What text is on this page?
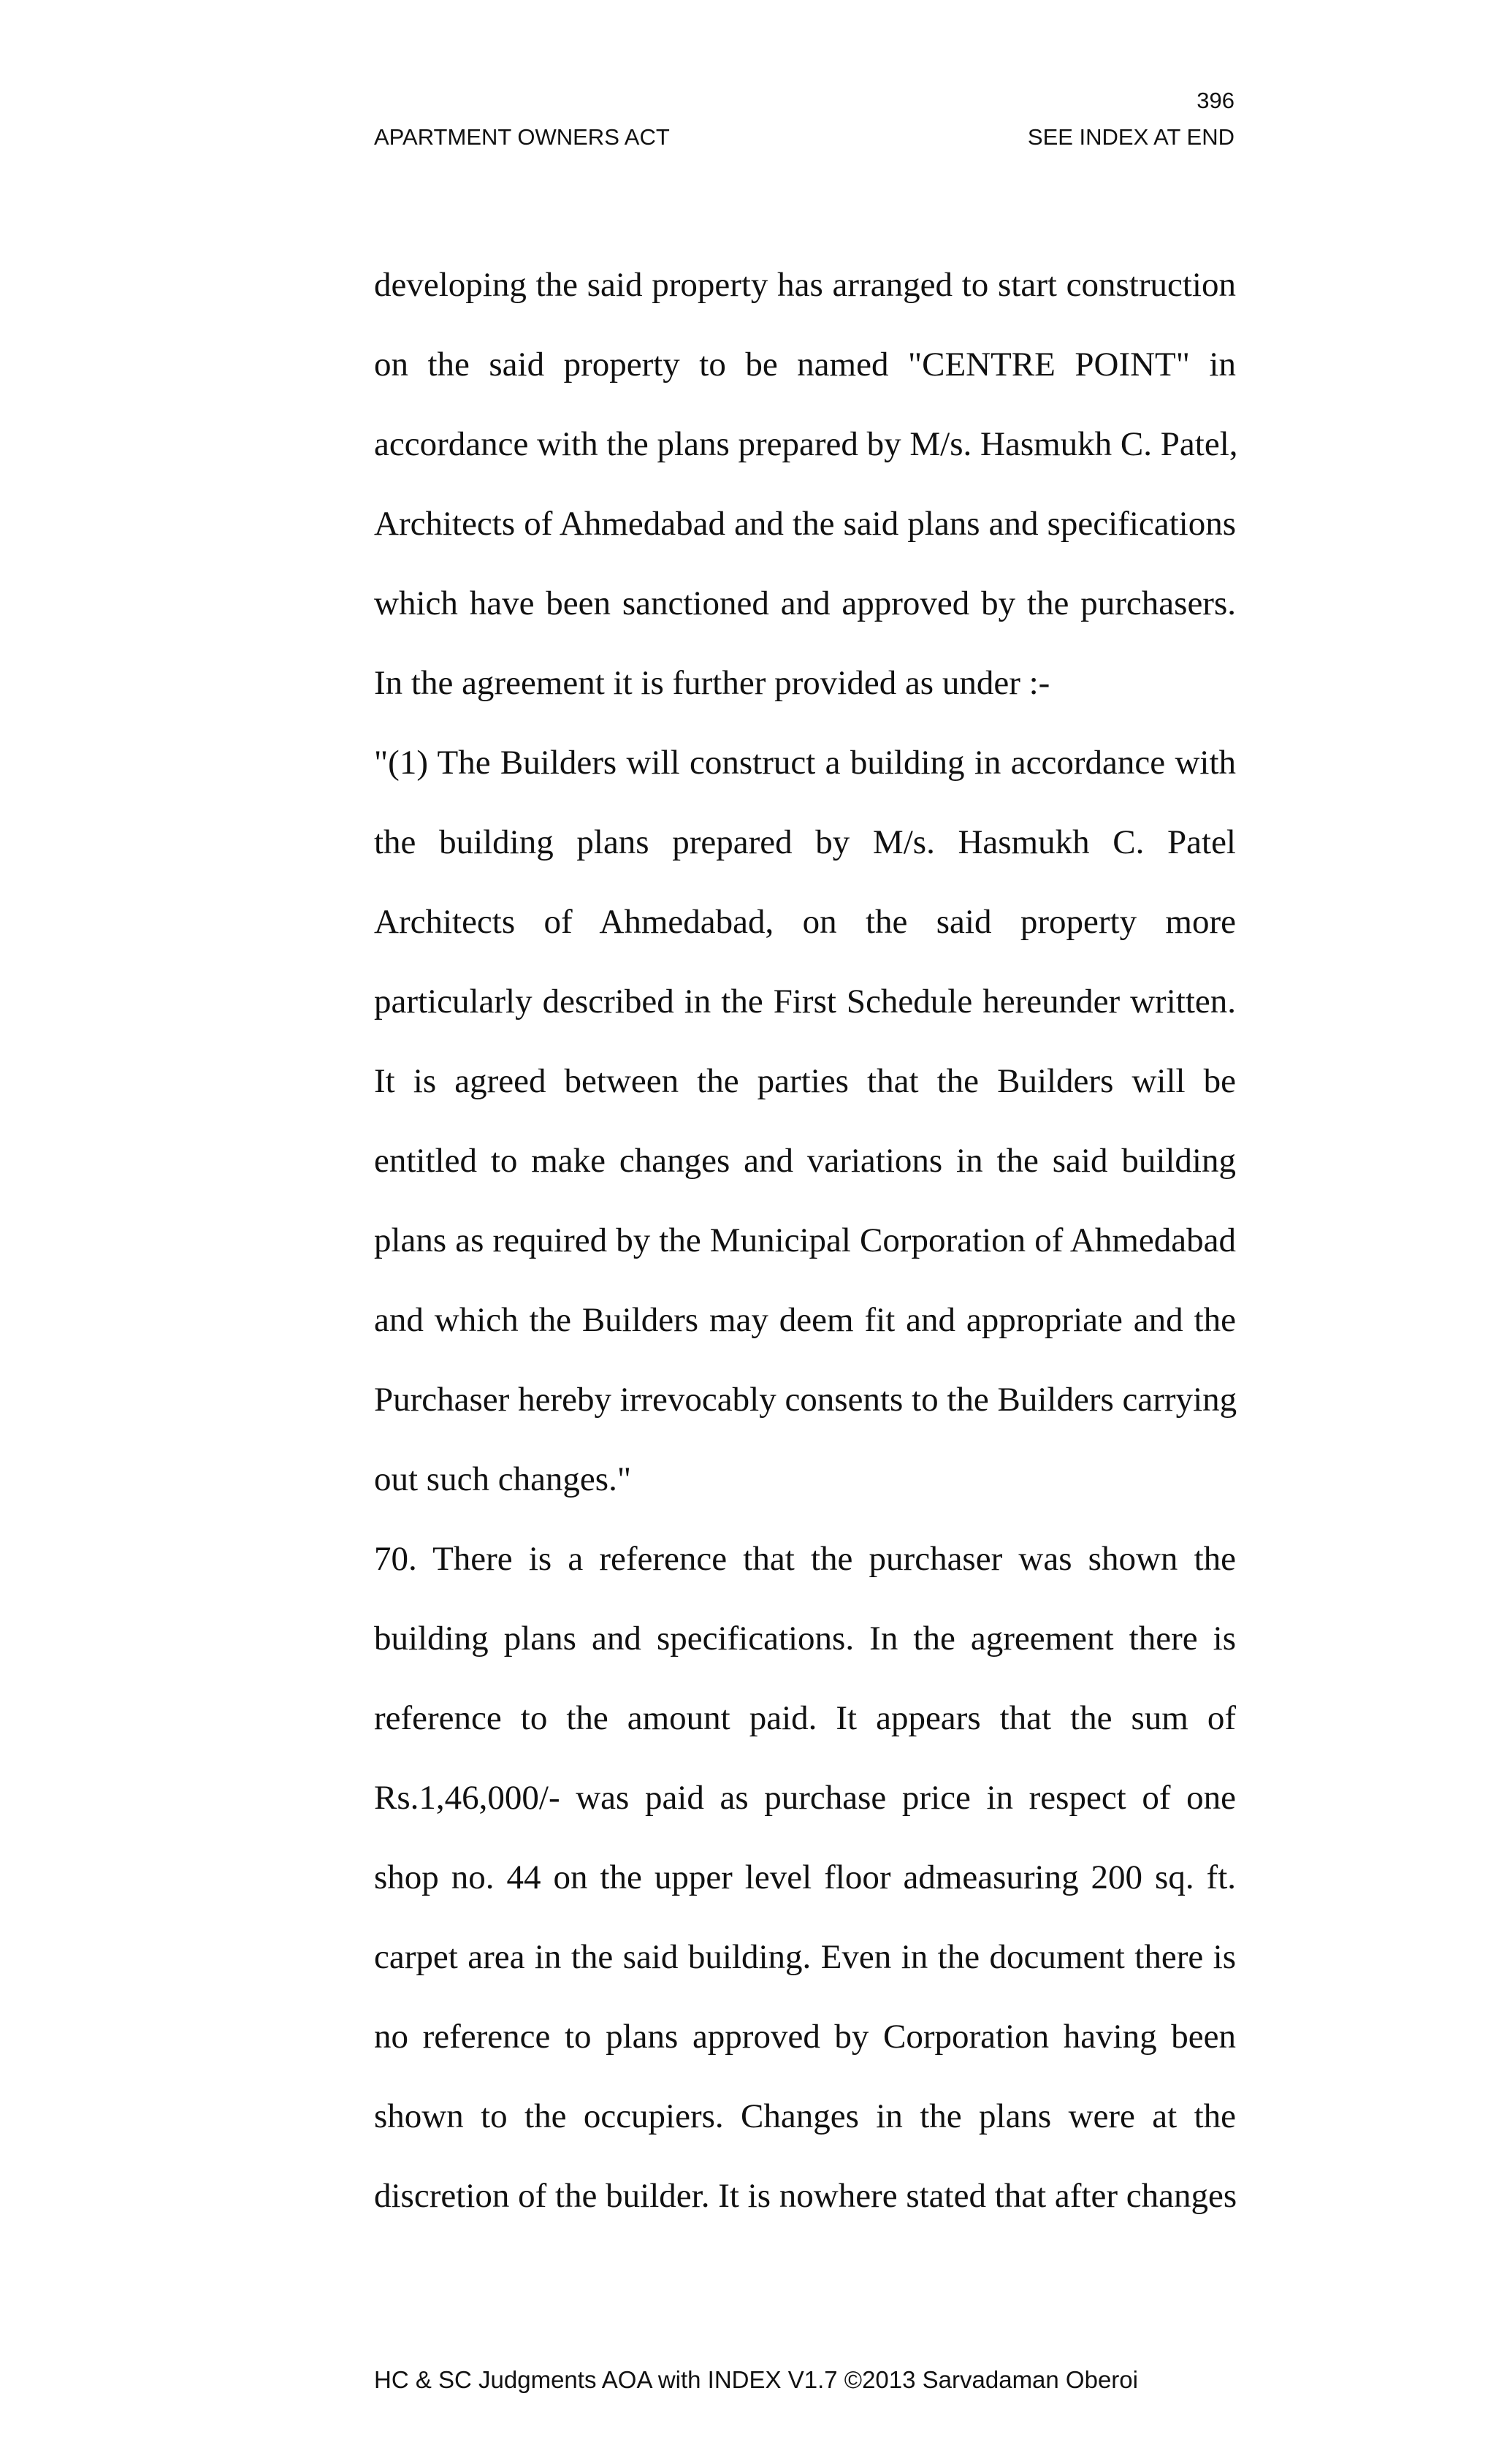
396
APARTMENT OWNERS ACT	SEE INDEX AT END
developing the said property has arranged to start construction
on the said property to be named "CENTRE POINT" in
accordance with the plans prepared by M/s. Hasmukh C. Patel,
Architects of Ahmedabad and the said plans and specifications
which have been sanctioned and approved by the purchasers.
In the agreement it is further provided as under :-
"(1) The Builders will construct a building in accordance with
the building plans prepared by M/s. Hasmukh C. Patel
Architects of Ahmedabad, on the said property more
particularly described in the First Schedule hereunder written.
It is agreed between the parties that the Builders will be
entitled to make changes and variations in the said building
plans as required by the Municipal Corporation of Ahmedabad
and which the Builders may deem fit and appropriate and the
Purchaser hereby irrevocably consents to the Builders carrying
out such changes."
70. There is a reference that the purchaser was shown the
building plans and specifications. In the agreement there is
reference to the amount paid. It appears that the sum of
Rs.1,46,000/- was paid as purchase price in respect of one
shop no. 44 on the upper level floor admeasuring 200 sq. ft.
carpet area in the said building. Even in the document there is
no reference to plans approved by Corporation having been
shown to the occupiers. Changes in the plans were at the
discretion of the builder. It is nowhere stated that after changes
HC & SC Judgments AOA with INDEX V1.7 ©2013 Sarvadaman Oberoi
